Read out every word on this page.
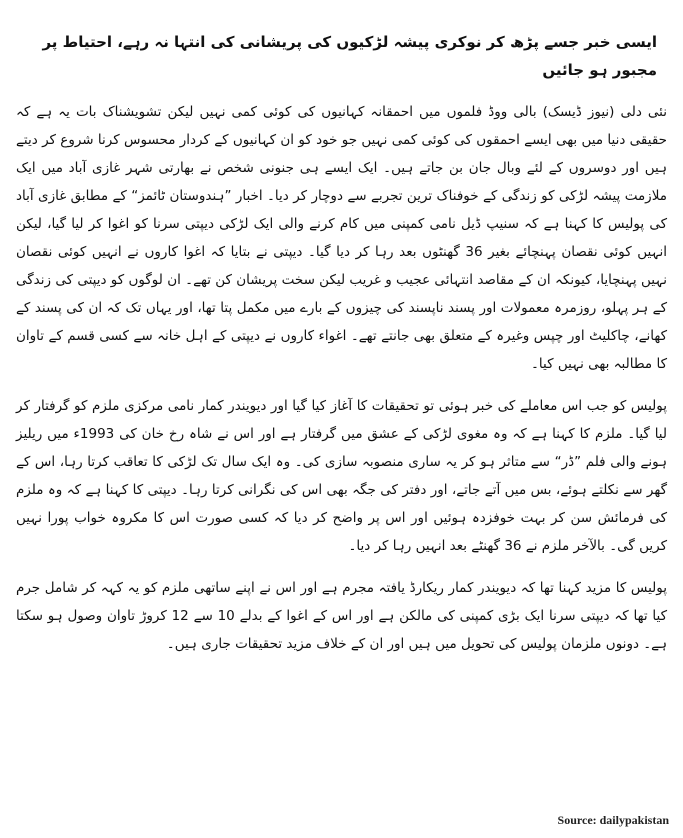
ایسی خبر جسے پڑھ کر نوکری پیشہ لڑکیوں کی پریشانی کی انتہا نہ رہے، احتیاط پر مجبور ہو جائیں

نئی دلی (نیوز ڈیسک) بالی ووڈ فلموں میں احمقانہ کہانیوں کی کوئی کمی نہیں لیکن تشویشناک بات یہ ہے کہ حقیقی دنیا میں بھی ایسے احمقوں کی کوئی کمی نہیں جو خود کو ان کہانیوں کے کردار محسوس کرنا شروع کر دیتے ہیں اور دوسروں کے لئے وبال جان بن جاتے ہیں۔ ایک ایسے ہی جنونی شخص نے بھارتی شہر غازی آباد میں ایک ملازمت پیشہ لڑکی کو زندگی کے خوفناک ترین تجربے سے دوچار کر دیا۔ اخبار ”ہندوستان ٹائمز“ کے مطابق غازی آباد کی پولیس کا کہنا ہے کہ سنیپ ڈیل نامی کمپنی میں کام کرنے والی ایک لڑکی دیپتی سرنا کو اغوا کر لیا گیا، لیکن انہیں کوئی نقصان پہنچائے بغیر 36 گھنٹوں بعد رہا کر دیا گیا۔ دیپتی نے بتایا کہ اغوا کاروں نے انہیں کوئی نقصان نہیں پہنچایا، کیونکہ ان کے مقاصد انتہائی عجیب و غریب لیکن سخت پریشان کن تھے۔ ان لوگوں کو دیپتی کی زندگی کے ہر پہلو، روزمرہ معمولات اور پسند ناپسند کی چیزوں کے بارے میں مکمل پتا تھا، اور یہاں تک کہ ان کی پسند کے کھانے، چاکلیٹ اور چپس وغیرہ کے متعلق بھی جانتے تھے۔ اغواء کاروں نے دیپتی کے اہل خانہ سے کسی قسم کے تاوان کا مطالبہ بھی نہیں کیا۔

پولیس کو جب اس معاملے کی خبر ہوئی تو تحقیقات کا آغاز کیا گیا اور دیویندر کمار نامی مرکزی ملزم کو گرفتار کر لیا گیا۔ ملزم کا کہنا ہے کہ وہ مغوی لڑکی کے عشق میں گرفتار ہے اور اس نے شاہ رخ خان کی 1993ء میں ریلیز ہونے والی فلم ”ڈر“ سے متاثر ہو کر یہ ساری منصوبہ سازی کی۔ وہ ایک سال تک لڑکی کا تعاقب کرتا رہا، اس کے گھر سے نکلتے ہوئے، بس میں آتے جاتے، اور دفتر کی جگہ بھی اس کی نگرانی کرتا رہا۔ دیپتی کا کہنا ہے کہ وہ ملزم کی فرمائش سن کر بہت خوفزدہ ہوئیں اور اس پر واضح کر دیا کہ کسی صورت اس کا مکروہ خواب پورا نہیں کریں گی۔ بالآخر ملزم نے 36 گھنٹے بعد انہیں رہا کر دیا۔

پولیس کا مزید کہنا تھا کہ دیویندر کمار ریکارڈ یافتہ مجرم ہے اور اس نے اپنے ساتھی ملزم کو یہ کہہ کر شامل جرم کیا تھا کہ دیپتی سرنا ایک بڑی کمپنی کی مالکن ہے اور اس کے اغوا کے بدلے 10 سے 12 کروڑ تاوان وصول ہو سکتا ہے۔ دونوں ملزمان پولیس کی تحویل میں ہیں اور ان کے خلاف مزید تحقیقات جاری ہیں۔

Source: dailypakistan
